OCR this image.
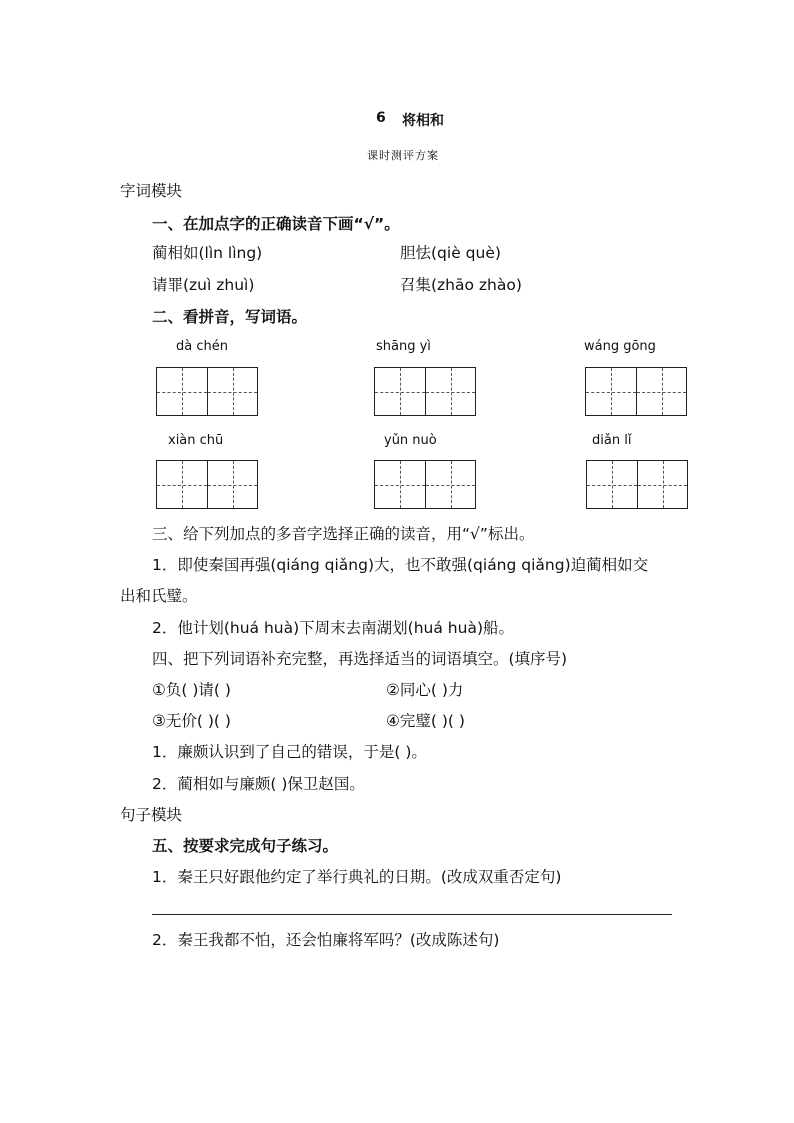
6 将相和
课时测评方案
字词模块
一、在加点字的正确读音下画“√”。
蔺相如(lìn lìng)	胆怯(qiè què)
请罪(zuì zhuì)	召集(zhāo zhào)
二、看拼音，写词语。
dà chén	shāng yì	wáng gōng
xiàn chū	yǔn nuò	diǎn lǐ
三、给下列加点的多音字选择正确的读音，用“√”标出。
1．即使秦国再强(qiáng qiǎng)大，也不敢强(qiáng qiǎng)迫蔺相如交
出和氏璧。
2．他计划(huá huà)下周末去南湖划(huá huà)船。
四、把下列词语补充完整，再选择适当的词语填空。(填序号)
①负( )请( )	②同心( )力
③无价( )( )	④完璧( )( )
1．廉颇认识到了自己的错误，于是( )。
2．蔺相如与廉颇( )保卫赵国。
句子模块
五、按要求完成句子练习。
1．秦王只好跟他约定了举行典礼的日期。(改成双重否定句)
2．秦王我都不怕，还会怕廉将军吗？(改成陈述句)
